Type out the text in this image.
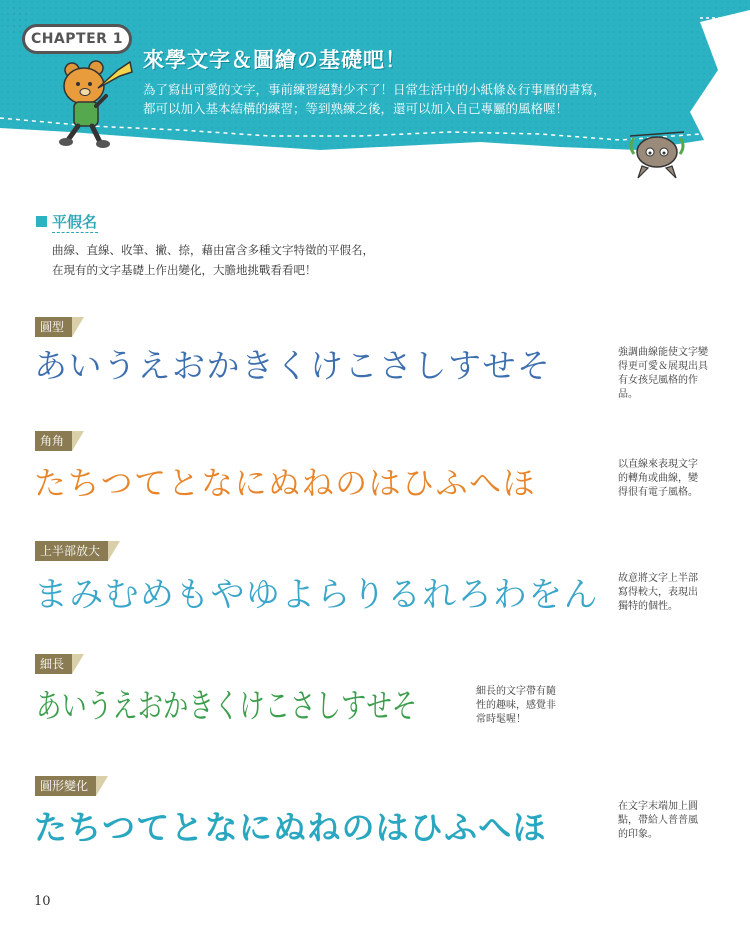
CHAPTER 1
來學文字＆圖繪の基礎吧！
為了寫出可愛的文字，事前練習絕對少不了！日常生活中的小紙條＆行事曆的書寫，
都可以加入基本結構的練習；等到熟練之後，還可以加入自己專屬的風格喔！
平假名
曲線、直線、收筆、撇、捺，藉由富含多種文字特徵的平假名，
在現有的文字基礎上作出變化，大膽地挑戰看看吧！
圓型
あいうえおかきくけこさしすせそ	強調曲線能使文字變得更可愛＆展現出具有女孩兒風格的作品。
角角
たちつてとなにぬねのはひふへほ	以直線來表現文字的轉角或曲線，變得很有電子風格。
上半部放大
まみむめもやゆよらりるれろわをん 故意將文字上半部寫得較大，表現出獨特的個性。
細長
あいうえおかきくけこさしすせそ	細長的文字帶有隨性的趣味，感覺非常時髦喔！
圓形變化
たちつてとなにぬねのはひふへほ
在文字末端加上圓點，帶給人普普風的印象。
10
